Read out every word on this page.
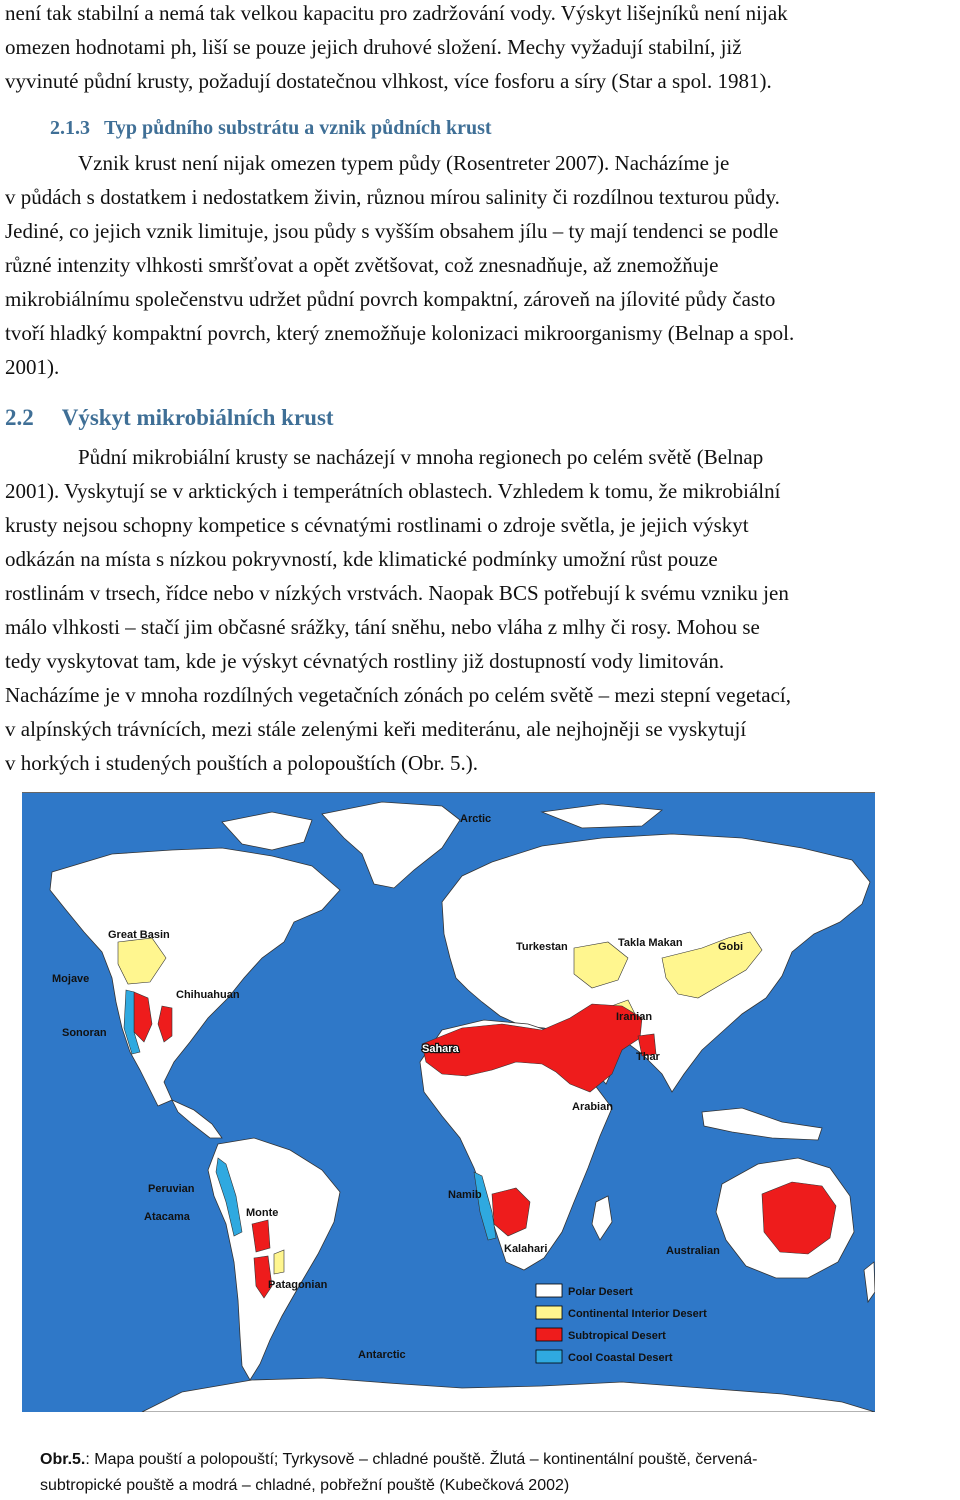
není tak stabilní a nemá tak velkou kapacitu pro zadržování vody. Výskyt lišejníků není nijak
omezen hodnotami ph, liší se pouze jejich druhové složení. Mechy vyžadují stabilní, již
vyvinuté půdní krusty, požadují dostatečnou vlhkost, více fosforu a síry (Star a spol. 1981).
2.1.3 Typ půdního substrátu a vznik půdních krust
Vznik krust není nijak omezen typem půdy (Rosentreter 2007). Nacházíme je
v půdách s dostatkem i nedostatkem živin, různou mírou salinity či rozdílnou texturou půdy.
Jediné, co jejich vznik limituje, jsou půdy s vyšším obsahem jílu – ty mají tendenci se podle
různé intenzity vlhkosti smršťovat a opět zvětšovat, což znesnadňuje, až znemožňuje
mikrobiálnímu společenstvu udržet půdní povrch kompaktní, zároveň na jílovité půdy často
tvoří hladký kompaktní povrch, který znemožňuje kolonizaci mikroorganismy (Belnap a spol.
2001).
2.2 Výskyt mikrobiálních krust
Půdní mikrobiální krusty se nacházejí v mnoha regionech po celém světě (Belnap
2001). Vyskytují se v arktických i temperátních oblastech. Vzhledem k tomu, že mikrobiální
krusty nejsou schopny kompetice s cévnatými rostlinami o zdroje světla, je jejich výskyt
odkázán na místa s nízkou pokryvností, kde klimatické podmínky umožní růst pouze
rostlinám v trsech, řídce nebo v nízkých vrstvách. Naopak BCS potřebují k svému vzniku jen
málo vlhkosti – stačí jim občasné srážky, tání sněhu, nebo vláha z mlhy či rosy. Mohou se
tedy vyskytovat tam, kde je výskyt cévnatých rostliny již dostupností vody limitován.
Nacházíme je v mnoha rozdílných vegetačních zónách po celém světě – mezi stepní vegetací,
v alpínských trávnících, mezi stále zelenými keři mediteránu, ale nejhojněji se vyskytují
v horkých i studených pouštích a polopouštích (Obr. 5.).
Arctic
Great Basin
Mojave
Chihuahuan
Sonoran
Turkestan	Takla Makan	Gobi
Iranian
Thar
Sahara
Arabian
Peruvian
Atacama	Monte
Patagonian
Namib
Kalahari	Australian
Antarctic
Polar Desert
Continental Interior Desert
Subtropical Desert
Cool Coastal Desert
Obr.5.: Mapa pouští a polopouští; Tyrkysově – chladné pouště. Žlutá – kontinentální pouště, červená-
subtropické pouště a modrá – chladné, pobřežní pouště (Kubečková 2002)
